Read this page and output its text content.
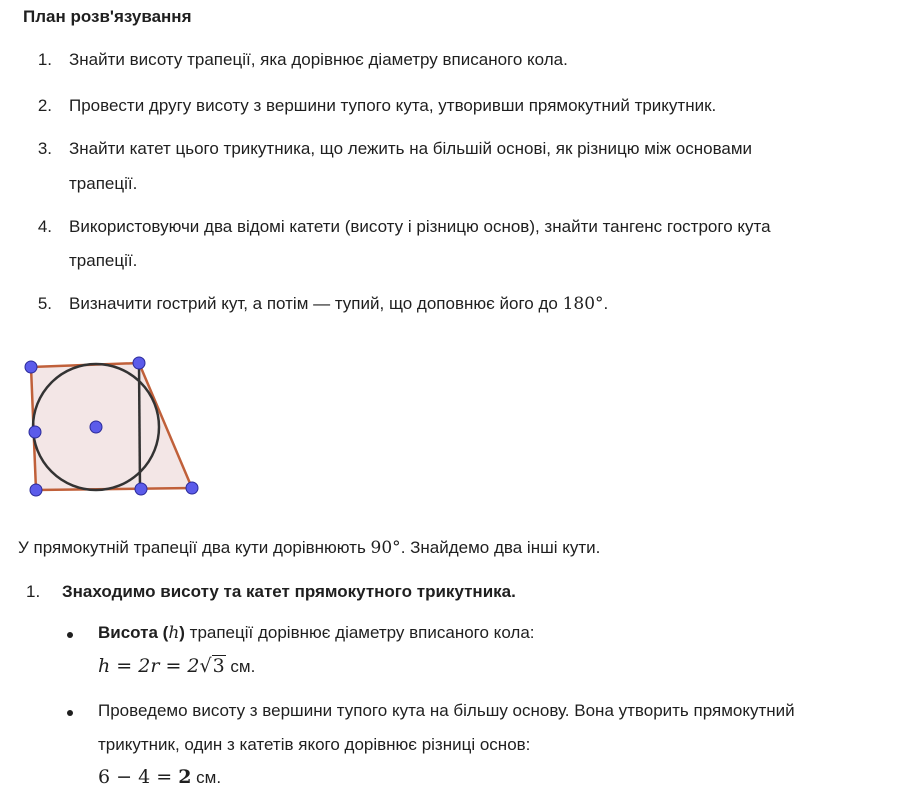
План розв'язування
1. Знайти висоту трапеції, яка дорівнює діаметру вписаного кола.
2. Провести другу висоту з вершини тупого кута, утворивши прямокутний трикутник.
3. Знайти катет цього трикутника, що лежить на більшій основі, як різницю між основами
трапеції.
4. Використовуючи два відомі катети (висоту і різницю основ), знайти тангенс гострого кута
трапеції.
5. Визначити гострий кут, а потім — тупий, що доповнює його до 180°.
У прямокутній трапеції два кути дорівнюють 90°. Знайдемо два інші кути.
1. Знаходимо висоту та катет прямокутного трикутника.
Висота (h) трапеції дорівнює діаметру вписаного кола:
h = 2r = 2√3 см.
Проведемо висоту з вершини тупого кута на більшу основу. Вона утворить прямокутний
трикутник, один з катетів якого дорівнює різниці основ:
6 − 4 = 2 см.
